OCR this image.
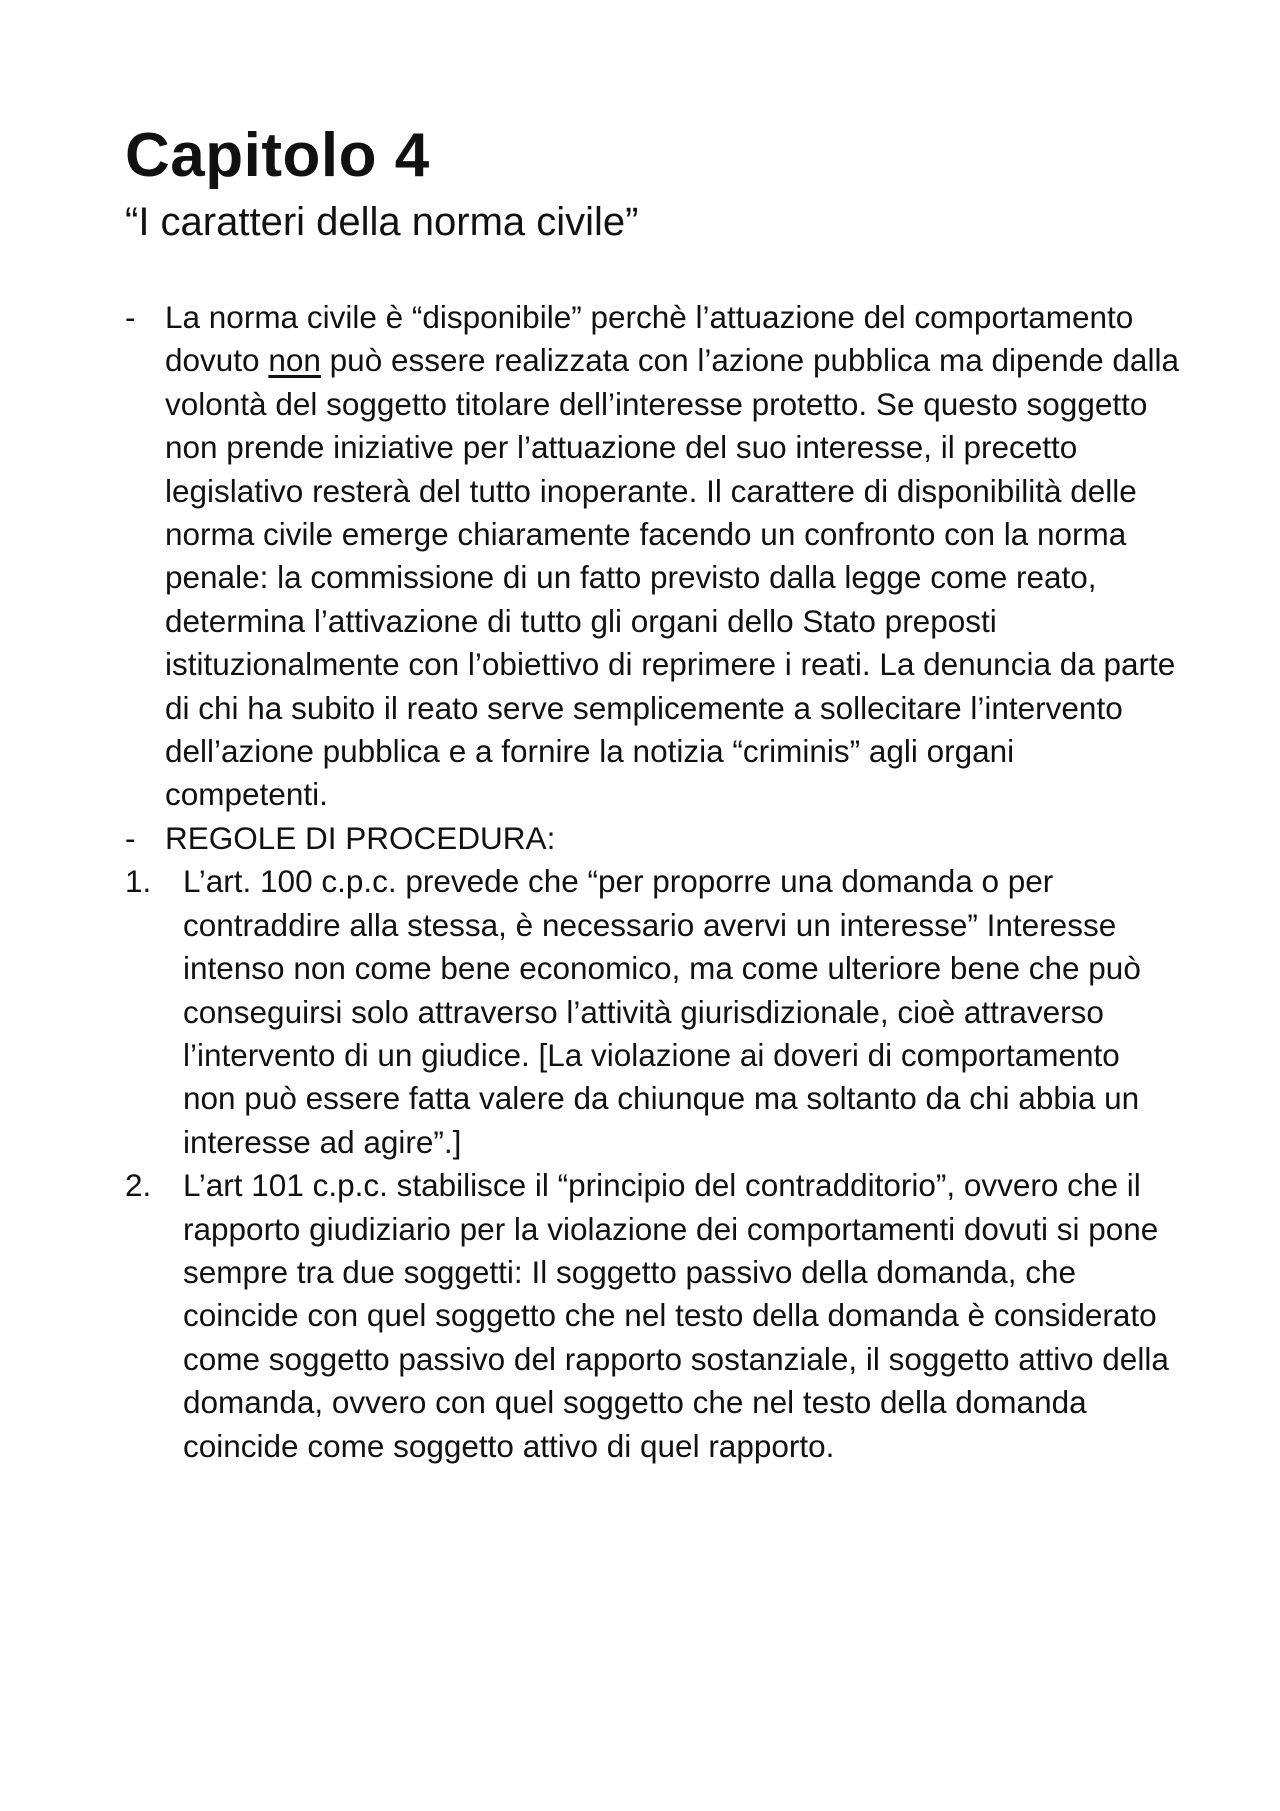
Capitolo 4
“I caratteri della norma civile”
- La norma civile è “disponibile” perchè l’attuazione del comportamento dovuto non può essere realizzata con l’azione pubblica ma dipende dalla volontà del soggetto titolare dell’interesse protetto. Se questo soggetto non prende iniziative per l’attuazione del suo interesse, il precetto legislativo resterà del tutto inoperante. Il carattere di disponibilità delle norma civile emerge chiaramente facendo un confronto con la norma penale: la commissione di un fatto previsto dalla legge come reato, determina l’attivazione di tutto gli organi dello Stato preposti istituzionalmente con l’obiettivo di reprimere i reati. La denuncia da parte di chi ha subito il reato serve semplicemente a sollecitare l’intervento dell’azione pubblica e a fornire la notizia “criminis” agli organi competenti.
- REGOLE DI PROCEDURA:
1. L’art. 100 c.p.c. prevede che “per proporre una domanda o per contraddire alla stessa, è necessario avervi un interesse” Interesse intenso non come bene economico, ma come ulteriore bene che può conseguirsi solo attraverso l’attività giurisdizionale, cioè attraverso l’intervento di un giudice. [La violazione ai doveri di comportamento non può essere fatta valere da chiunque ma soltanto da chi abbia un interesse ad agire”.]
2. L’art 101 c.p.c. stabilisce il “principio del contradditorio”, ovvero che il rapporto giudiziario per la violazione dei comportamenti dovuti si pone sempre tra due soggetti: Il soggetto passivo della domanda, che coincide con quel soggetto che nel testo della domanda è considerato come soggetto passivo del rapporto sostanziale, il soggetto attivo della domanda, ovvero con quel soggetto che nel testo della domanda coincide come soggetto attivo di quel rapporto.
